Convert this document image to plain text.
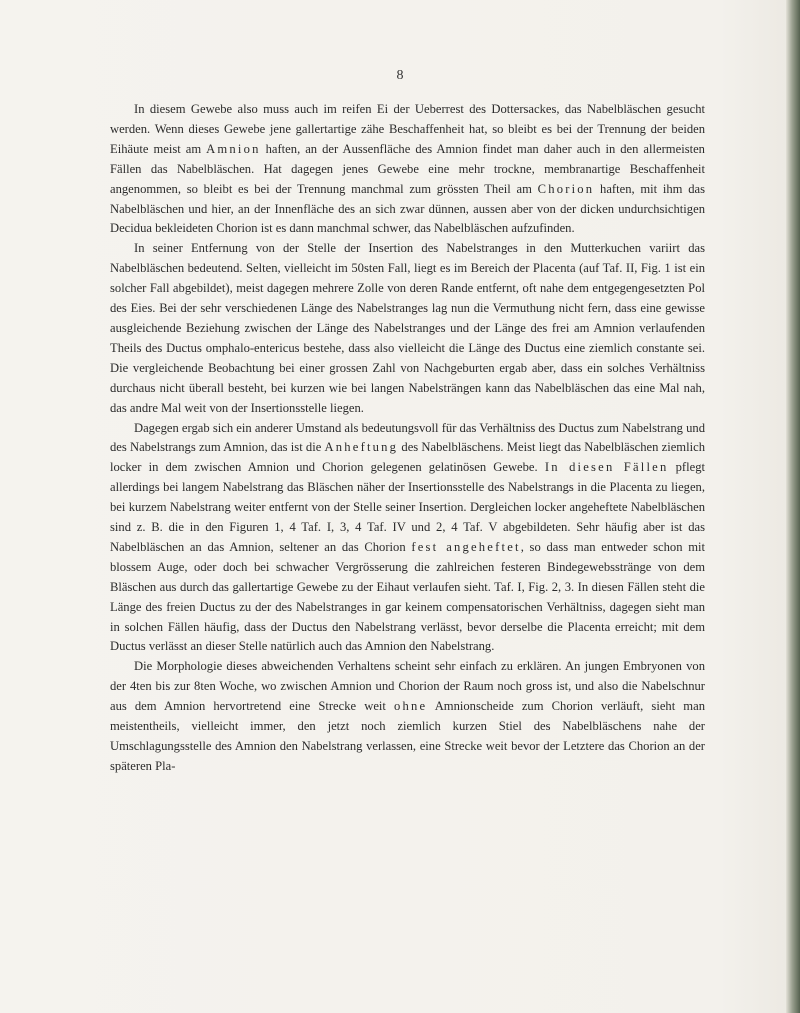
8

In diesem Gewebe also muss auch im reifen Ei der Ueberrest des Dottersackes, das Nabelbläschen gesucht werden. Wenn dieses Gewebe jene gallertartige zähe Beschaffenheit hat, so bleibt es bei der Trennung der beiden Eihäute meist am Amnion haften, an der Aussenfläche des Amnion findet man daher auch in den allermeisten Fällen das Nabelbläschen. Hat dagegen jenes Gewebe eine mehr trockne, membranartige Beschaffenheit angenommen, so bleibt es bei der Trennung manchmal zum grössten Theil am Chorion haften, mit ihm das Nabelbläschen und hier, an der Innenfläche des an sich zwar dünnen, aussen aber von der dicken undurchsichtigen Decidua bekleideten Chorion ist es dann manchmal schwer, das Nabelbläschen aufzufinden.

In seiner Entfernung von der Stelle der Insertion des Nabelstranges in den Mutterkuchen variirt das Nabelbläschen bedeutend. Selten, vielleicht im 50sten Fall, liegt es im Bereich der Placenta (auf Taf. II, Fig. 1 ist ein solcher Fall abgebildet), meist dagegen mehrere Zolle von deren Rande entfernt, oft nahe dem entgegengesetzten Pol des Eies. Bei der sehr verschiedenen Länge des Nabelstranges lag nun die Vermuthung nicht fern, dass eine gewisse ausgleichende Beziehung zwischen der Länge des Nabelstranges und der Länge des frei am Amnion verlaufenden Theils des Ductus omphalo-entericus bestehe, dass also vielleicht die Länge des Ductus eine ziemlich constante sei. Die vergleichende Beobachtung bei einer grossen Zahl von Nachgeburten ergab aber, dass ein solches Verhältniss durchaus nicht überall besteht, bei kurzen wie bei langen Nabelsträngen kann das Nabelbläschen das eine Mal nah, das andre Mal weit von der Insertionsstelle liegen.

Dagegen ergab sich ein anderer Umstand als bedeutungsvoll für das Verhältniss des Ductus zum Nabelstrang und des Nabelstrangs zum Amnion, das ist die Anheftung des Nabelbläschens. Meist liegt das Nabelbläschen ziemlich locker in dem zwischen Amnion und Chorion gelegenen gelatinösen Gewebe. In diesen Fällen pflegt allerdings bei langem Nabelstrang das Bläschen näher der Insertionsstelle des Nabelstrangs in die Placenta zu liegen, bei kurzem Nabelstrang weiter entfernt von der Stelle seiner Insertion. Dergleichen locker angeheftete Nabelbläschen sind z. B. die in den Figuren 1, 4 Taf. I, 3, 4 Taf. IV und 2, 4 Taf. V abgebildeten. Sehr häufig aber ist das Nabelbläschen an das Amnion, seltener an das Chorion fest angeheftet, so dass man entweder schon mit blossem Auge, oder doch bei schwacher Vergrösserung die zahlreichen festeren Bindegewebsstränge von dem Bläschen aus durch das gallertartige Gewebe zu der Eihaut verlaufen sieht. Taf. I, Fig. 2, 3. In diesen Fällen steht die Länge des freien Ductus zu der des Nabelstranges in gar keinem compensatorischen Verhältniss, dagegen sieht man in solchen Fällen häufig, dass der Ductus den Nabelstrang verlässt, bevor derselbe die Placenta erreicht; mit dem Ductus verlässt an dieser Stelle natürlich auch das Amnion den Nabelstrang.

Die Morphologie dieses abweichenden Verhaltens scheint sehr einfach zu erklären. An jungen Embryonen von der 4ten bis zur 8ten Woche, wo zwischen Amnion und Chorion der Raum noch gross ist, und also die Nabelschnur aus dem Amnion hervortretend eine Strecke weit ohne Amnionscheide zum Chorion verläuft, sieht man meistentheils, vielleicht immer, den jetzt noch ziemlich kurzen Stiel des Nabelbläschens nahe der Umschlagungsstelle des Amnion den Nabelstrang verlassen, eine Strecke weit bevor der Letztere das Chorion an der späteren Pla-
